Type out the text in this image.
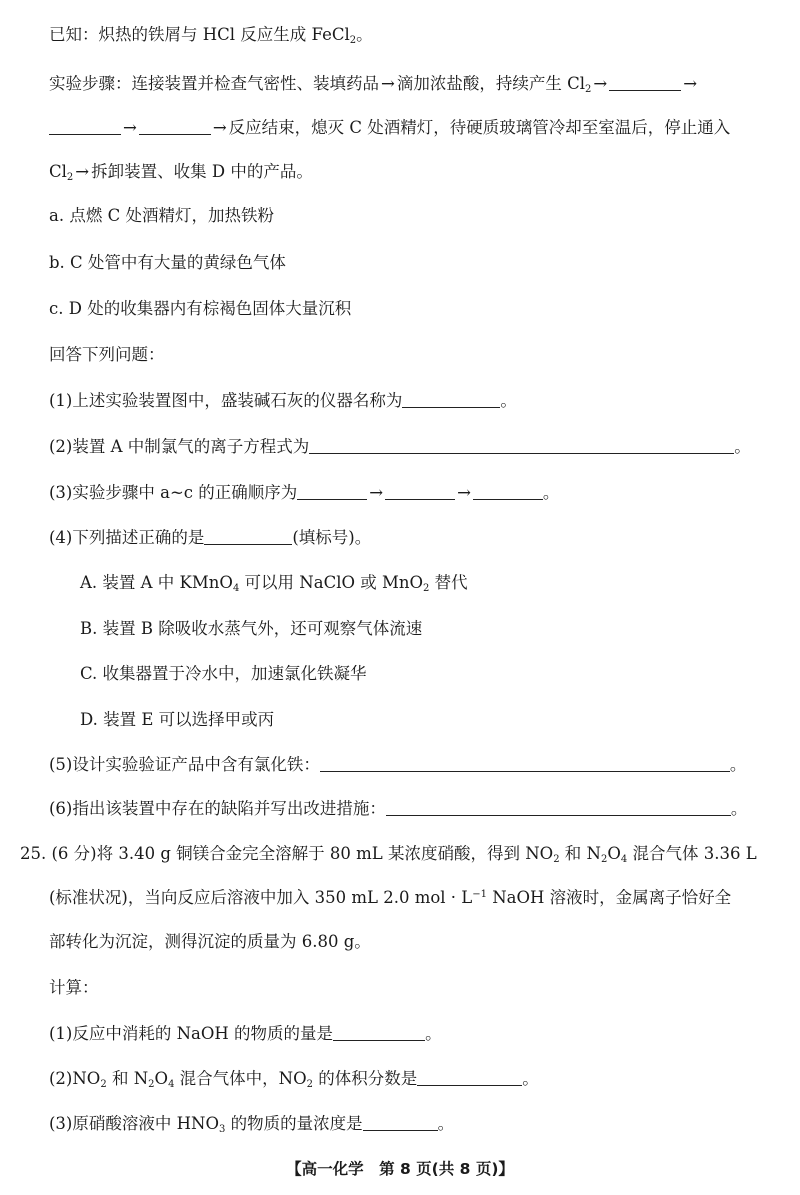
已知：炽热的铁屑与 HCl 反应生成 FeCl$_2$。
实验步骤：连接装置并检查气密性、装填药品 → 滴加浓盐酸，持续产生 $Cl_2$ →	→
→	→ 反应结束，熄灭 C 处酒精灯，待硬质玻璃管冷却至室温后，停止通入
$Cl_2$ → 拆卸装置、收集 D 中的产品。
a. 点燃 C 处酒精灯，加热铁粉
b. C 处管中有大量的黄绿色气体
c. D 处的收集器内有棕褐色固体大量沉积
回答下列问题：
(1)上述实验装置图中，盛装碱石灰的仪器名称为	。
(2)装置 A 中制氯气的离子方程式为	。
(3)实验步骤中 a~c 的正确顺序为	→	→	。
(4)下列描述正确的是	(填标号)。
A. 装置 A 中 KMnO$_4$ 可以用 NaClO 或 MnO$_2$ 替代
B. 装置 B 除吸收水蒸气外，还可观察气体流速
C. 收集器置于冷水中，加速氯化铁凝华
D. 装置 E 可以选择甲或丙
(5)设计实验验证产品中含有氯化铁：	。
(6)指出该装置中存在的缺陷并写出改进措施：	。
25. (6 分)将 3.40 g 铜镁合金完全溶解于 80 mL 某浓度硝酸，得到 $NO_2$ 和 $N_2O_4$ 混合气体 3.36 L
(标准状况)，当向反应后溶液中加入 350 mL 2.0 mol · $L^{-1}$ NaOH 溶液时，金属离子恰好全
部转化为沉淀，测得沉淀的质量为 6.80 g。
计算：
(1)反应中消耗的 NaOH 的物质的量是	。
$(2)NO_2$ 和 $N_2O_4$ 混合气体中，$NO_2$ 的体积分数是	。
(3)原硝酸溶液中 $HNO_3$ 的物质的量浓度是	。
【高一化学　第 8 页(共 8 页)】
